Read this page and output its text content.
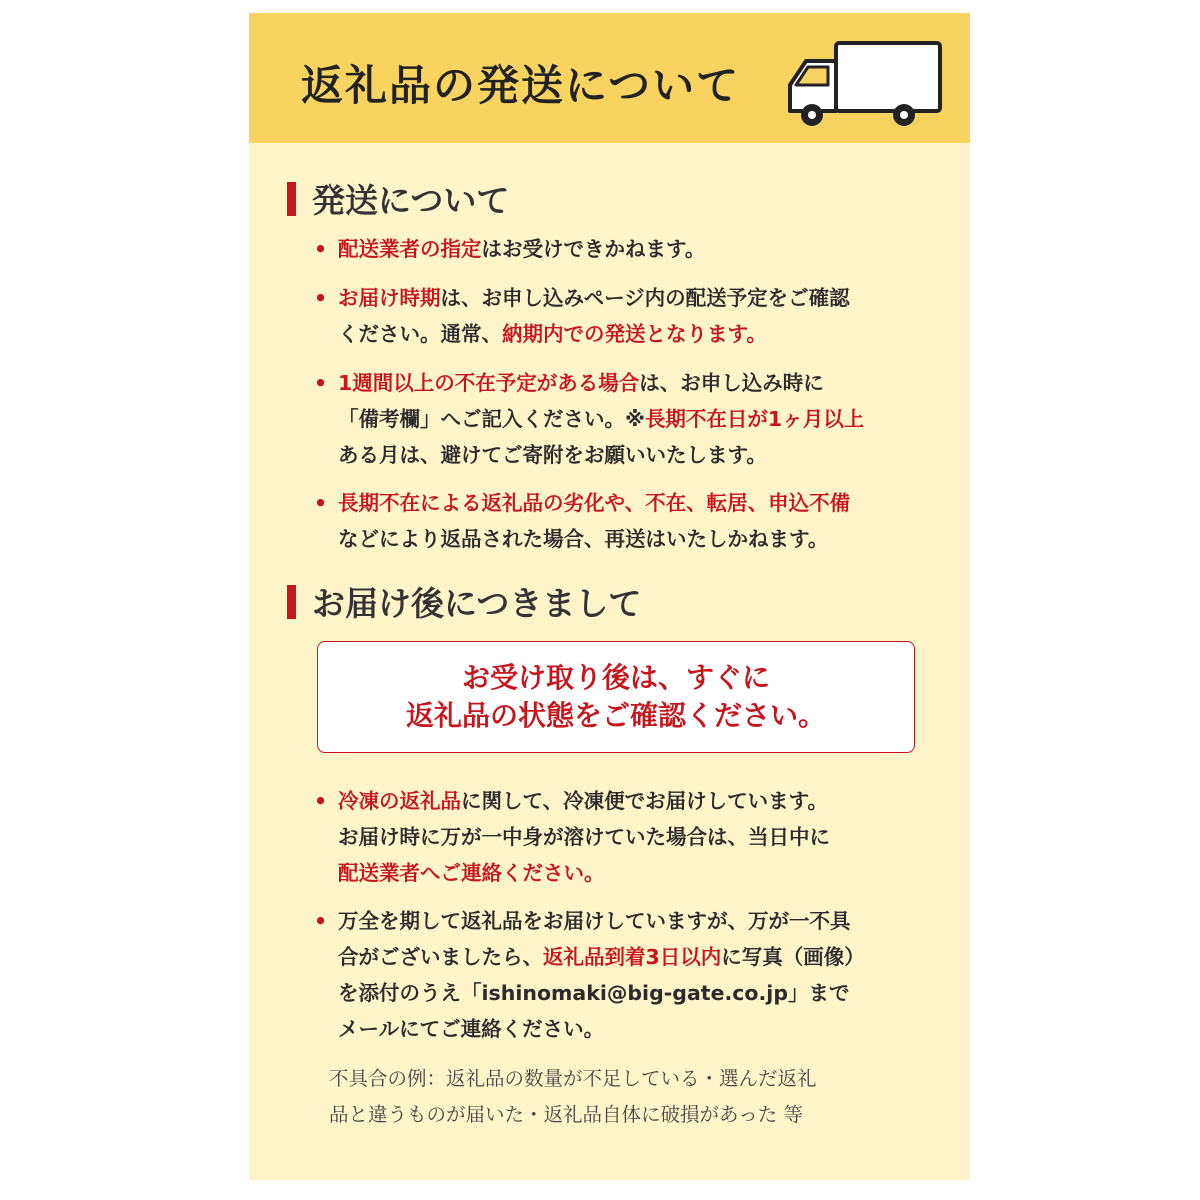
返礼品の発送について
発送について
• 配送業者の指定はお受けできかねます。
• お届け時期は、お申し込みページ内の配送予定をご確認
ください。通常、納期内での発送となります。
• 1週間以上の不在予定がある場合は、お申し込み時に
「備考欄」へご記入ください。※長期不在日が1ヶ月以上
ある月は、避けてご寄附をお願いいたします。
• 長期不在による返礼品の劣化や、不在、転居、申込不備
などにより返品された場合、再送はいたしかねます。
お届け後につきまして
お受け取り後は、すぐに
返礼品の状態をご確認ください。
• 冷凍の返礼品に関して、冷凍便でお届けしています。
お届け時に万が一中身が溶けていた場合は、当日中に
配送業者へご連絡ください。
• 万全を期して返礼品をお届けしていますが、万が一不具
合がございましたら、返礼品到着3日以内に写真（画像）
を添付のうえ「ishinomaki@big-gate.co.jp」まで
メールにてご連絡ください。
不具合の例：返礼品の数量が不足している・選んだ返礼
品と違うものが届いた・返礼品自体に破損があった 等
